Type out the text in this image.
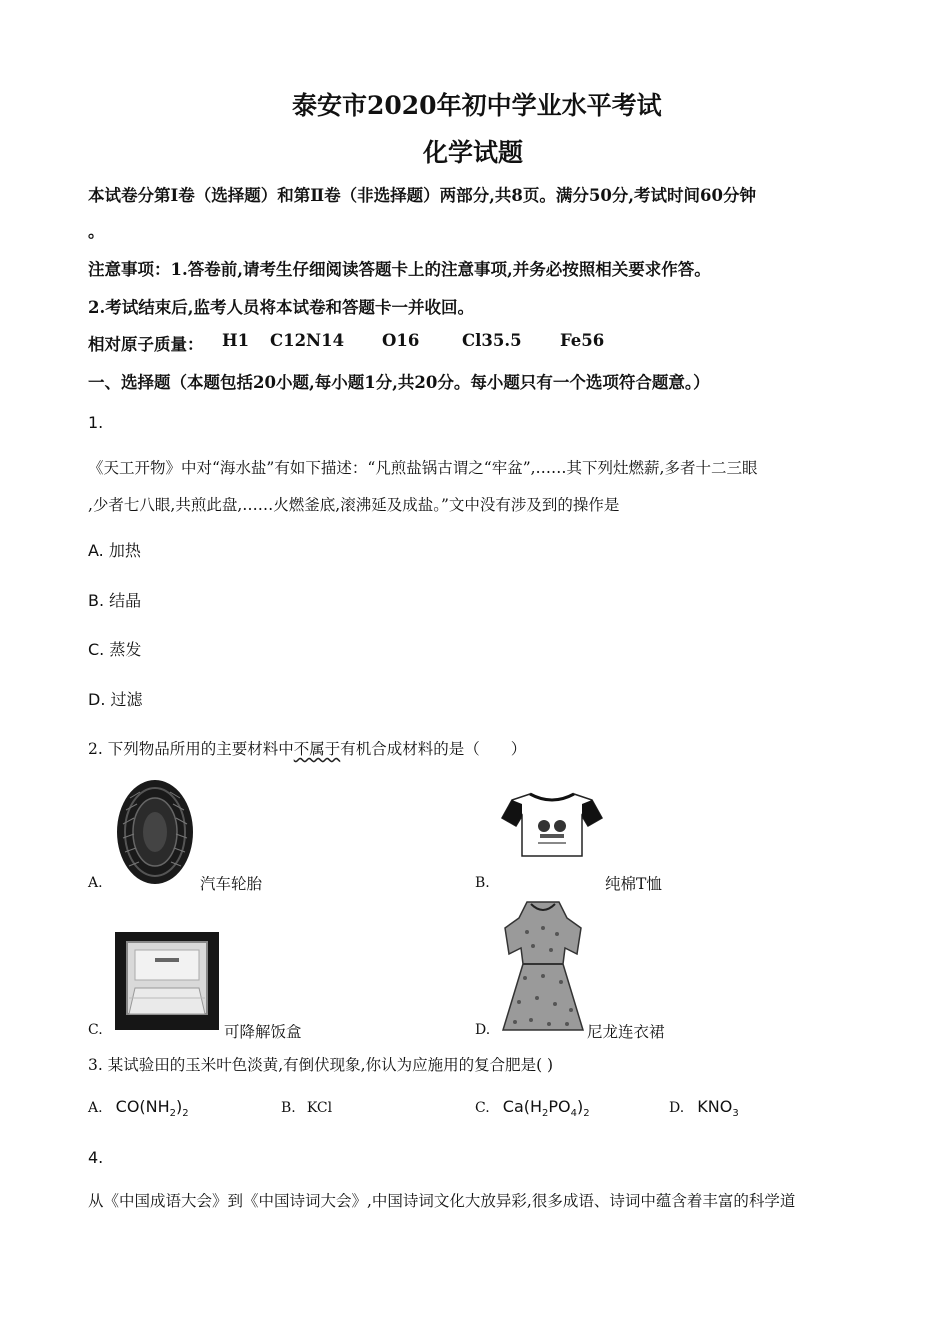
泰安市2020年初中学业水平考试
化学试题
本试卷分第I卷（选择题）和第Ⅱ卷（非选择题）两部分,共8页。满分50分,考试时间60分钟
。
注意事项：1.答卷前,请考生仔细阅读答题卡上的注意事项,并务必按照相关要求作答。
2.考试结束后,监考人员将本试卷和答题卡一并收回。
相对原子质量： H1 C12 N14 O16	Cl35.5 Fe56
一、选择题（本题包括20小题,每小题1分,共20分。每小题只有一个选项符合题意。）
1.
《天工开物》中对“海水盐”有如下描述：“凡煎盐锅古谓之“牢盆”,……其下列灶燃薪,多者十二三眼
,少者七八眼,共煎此盘,……火燃釜底,滚沸延及成盐。”文中没有涉及到的操作是
A. 加热
B. 结晶
C. 蒸发
D. 过滤
2. 下列物品所用的主要材料中不属于有机合成材料的是（　　）
A.	汽车轮胎	B.	纯棉T恤
C.	可降解饭盒	D.	尼龙连衣裙
3. 某试验田的玉米叶色淡黄,有倒伏现象,你认为应施用的复合肥是( )
A. $CO(NH_2)_2$	B. KCl	C. $Ca(H_2PO_4)_2$	D. $KNO_3$
4.
从《中国成语大会》到《中国诗词大会》,中国诗词文化大放异彩,很多成语、诗词中蕴含着丰富的科学道
